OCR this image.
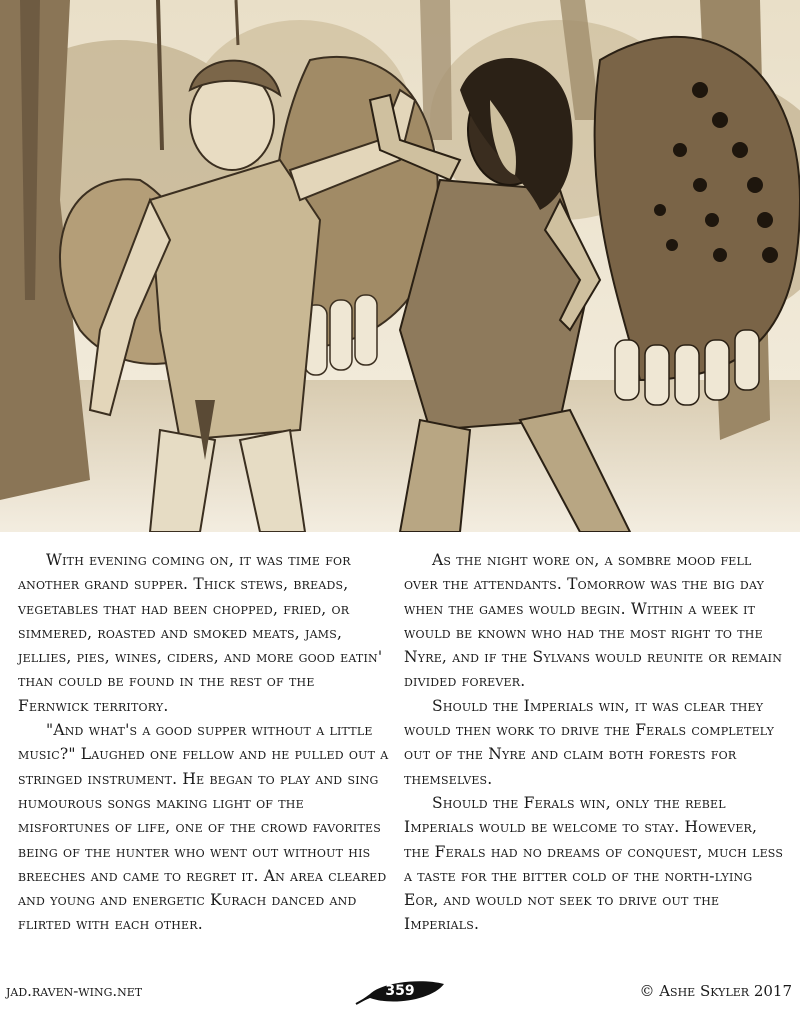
With evening coming on, it was time for another grand supper. Thick stews, breads, vegetables that had been chopped, fried, or simmered, roasted and smoked meats, jams, jellies, pies, wines, ciders, and more good eatin' than could be found in the rest of the Fernwick territory.

"And what's a good supper without a little music?" Laughed one fellow and he pulled out a stringed instrument. He began to play and sing humourous songs making light of the misfortunes of life, one of the crowd favorites being of the hunter who went out without his breeches and came to regret it. An area cleared and young and energetic Kurach danced and flirted with each other.

As the night wore on, a sombre mood fell over the attendants. Tomorrow was the big day when the games would begin. Within a week it would be known who had the most right to the Nyre, and if the Sylvans would reunite or remain divided forever.

Should the Imperials win, it was clear they would then work to drive the Ferals completely out of the Nyre and claim both forests for themselves.

Should the Ferals win, only the rebel Imperials would be welcome to stay. However, the Ferals had no dreams of conquest, much less a taste for the bitter cold of the north-lying Eor, and would not seek to drive out the Imperials.

jad.raven-wing.net	359	© Ashe Skyler 2017
